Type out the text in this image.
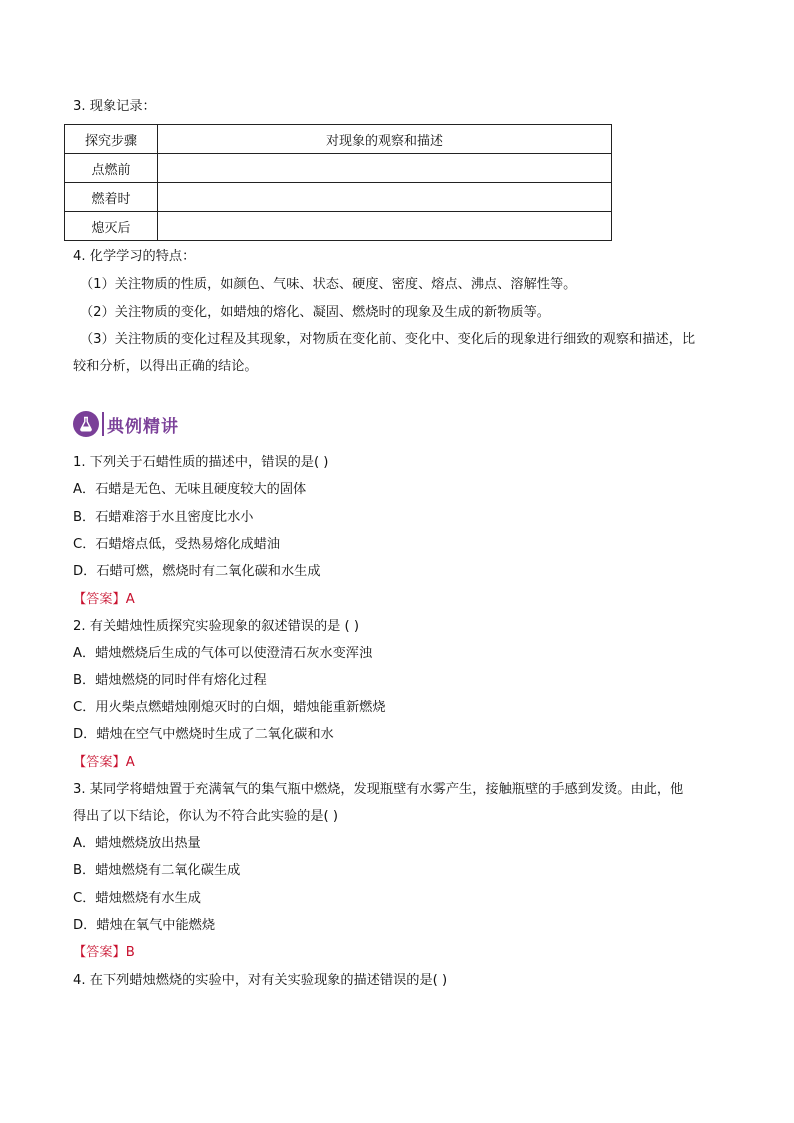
3. 现象记录：
探究步骤	对现象的观察和描述
点燃前	
燃着时	
熄灭后	
4. 化学学习的特点：
（1）关注物质的性质，如颜色、气味、状态、硬度、密度、熔点、沸点、溶解性等。
（2）关注物质的变化，如蜡烛的熔化、凝固、燃烧时的现象及生成的新物质等。
（3）关注物质的变化过程及其现象，对物质在变化前、变化中、变化后的现象进行细致的观察和描述，比
较和分析，以得出正确的结论。
典例精讲
1. 下列关于石蜡性质的描述中，错误的是( )
A．石蜡是无色、无味且硬度较大的固体
B．石蜡难溶于水且密度比水小
C．石蜡熔点低，受热易熔化成蜡油
D．石蜡可燃，燃烧时有二氧化碳和水生成
【答案】A
2. 有关蜡烛性质探究实验现象的叙述错误的是 ( )
A．蜡烛燃烧后生成的气体可以使澄清石灰水变浑浊
B．蜡烛燃烧的同时伴有熔化过程
C．用火柴点燃蜡烛刚熄灭时的白烟，蜡烛能重新燃烧
D．蜡烛在空气中燃烧时生成了二氧化碳和水
【答案】A
3. 某同学将蜡烛置于充满氧气的集气瓶中燃烧，发现瓶壁有水雾产生，接触瓶壁的手感到发烫。由此，他
得出了以下结论，你认为不符合此实验的是( )
A．蜡烛燃烧放出热量
B．蜡烛燃烧有二氧化碳生成
C．蜡烛燃烧有水生成
D．蜡烛在氧气中能燃烧
【答案】B
4. 在下列蜡烛燃烧的实验中，对有关实验现象的描述错误的是( )
